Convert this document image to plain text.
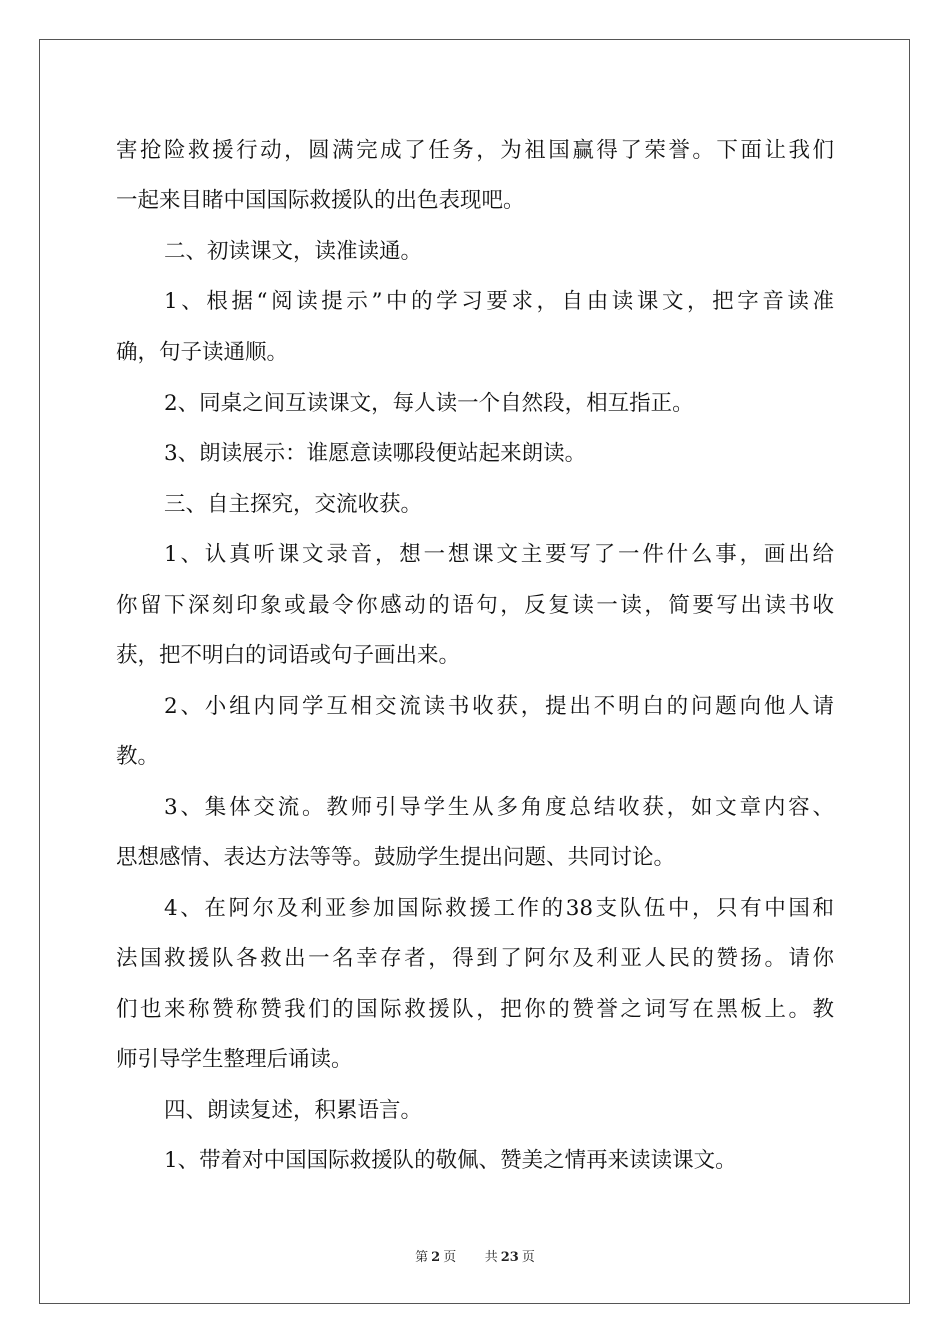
害抢险救援行动，圆满完成了任务，为祖国赢得了荣誉。下面让我们
一起来目睹中国国际救援队的出色表现吧。
二、初读课文，读准读通。
1、根据“阅读提示”中的学习要求，自由读课文，把字音读准
确，句子读通顺。
2、同桌之间互读课文，每人读一个自然段，相互指正。
3、朗读展示：谁愿意读哪段便站起来朗读。
三、自主探究，交流收获。
1、认真听课文录音，想一想课文主要写了一件什么事，画出给
你留下深刻印象或最令你感动的语句，反复读一读，简要写出读书收
获，把不明白的词语或句子画出来。
2、小组内同学互相交流读书收获，提出不明白的问题向他人请
教。
3、集体交流。教师引导学生从多角度总结收获，如文章内容、
思想感情、表达方法等等。鼓励学生提出问题、共同讨论。
4、在阿尔及利亚参加国际救援工作的38支队伍中，只有中国和
法国救援队各救出一名幸存者，得到了阿尔及利亚人民的赞扬。请你
们也来称赞称赞我们的国际救援队，把你的赞誉之词写在黑板上。教
师引导学生整理后诵读。
四、朗读复述，积累语言。
1、带着对中国国际救援队的敬佩、赞美之情再来读读课文。
第 2 页 共 23 页
